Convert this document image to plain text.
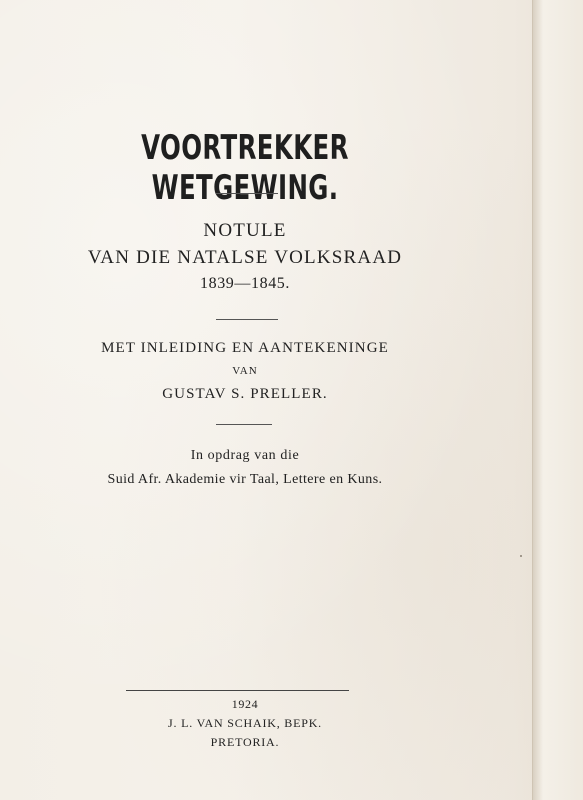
VOORTREKKER WETGEWING.
NOTULE
VAN DIE NATALSE VOLKSRAAD
1839—1845.
MET INLEIDING EN AANTEKENINGE
VAN
GUSTAV S. PRELLER.
In opdrag van die
Suid Afr. Akademie vir Taal, Lettere en Kuns.
1924
J. L. VAN SCHAIK, BEPK.
PRETORIA.
